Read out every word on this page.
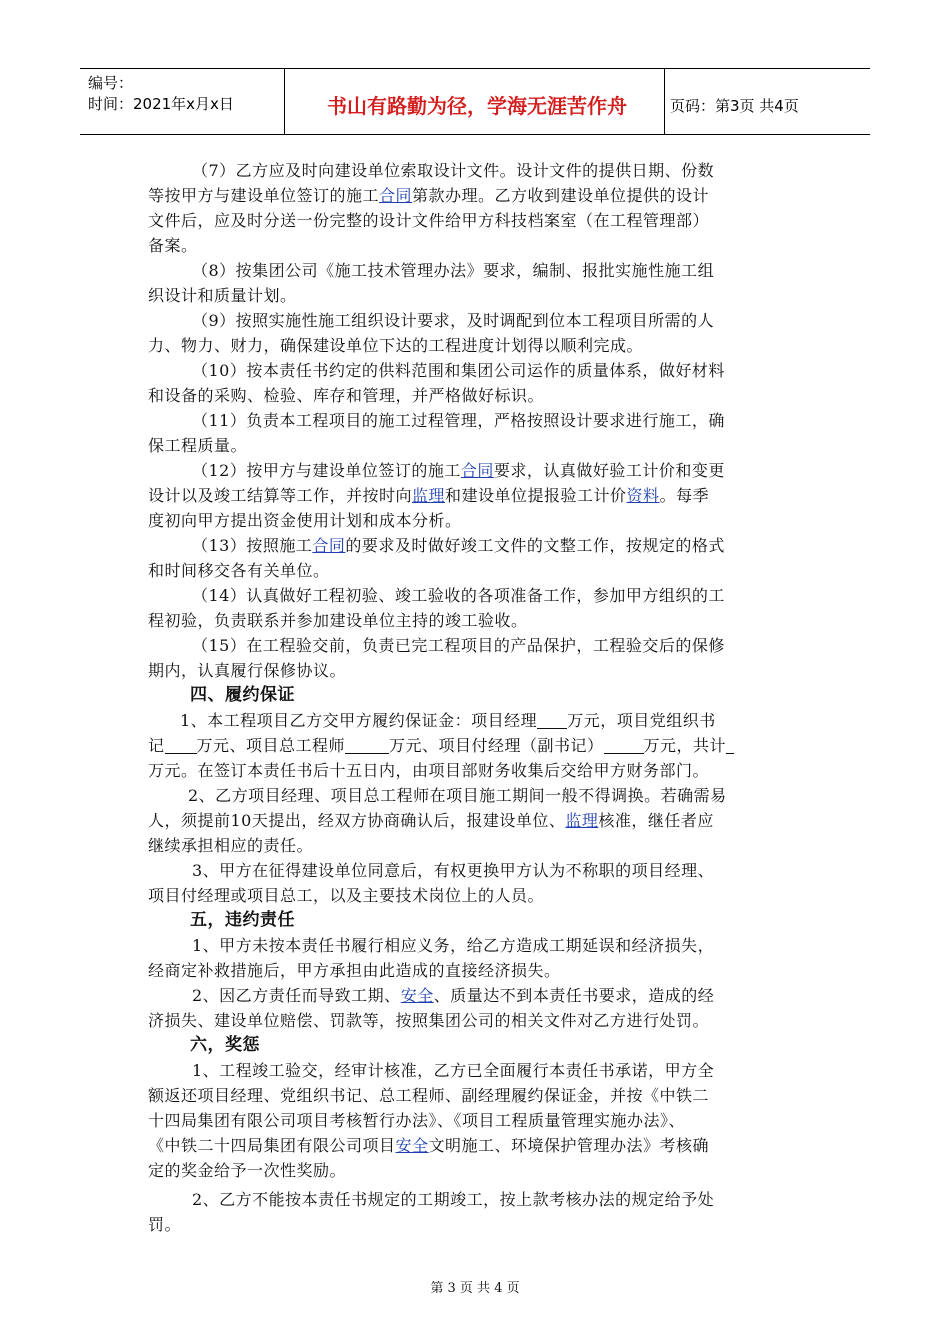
编号：
时间：2021年x月x日	书山有路勤为径，学海无涯苦作舟	页码：第3页 共4页

（7）乙方应及时向建设单位索取设计文件。设计文件的提供日期、份数
等按甲方与建设单位签订的施工合同第款办理。乙方收到建设单位提供的设计
文件后，应及时分送一份完整的设计文件给甲方科技档案室（在工程管理部）
备案。

（8）按集团公司《施工技术管理办法》要求，编制、报批实施性施工组
织设计和质量计划。

（9）按照实施性施工组织设计要求，及时调配到位本工程项目所需的人
力、物力、财力，确保建设单位下达的工程进度计划得以顺利完成。

（10）按本责任书约定的供料范围和集团公司运作的质量体系，做好材料
和设备的采购、检验、库存和管理，并严格做好标识。

（11）负责本工程项目的施工过程管理，严格按照设计要求进行施工，确
保工程质量。

（12）按甲方与建设单位签订的施工合同要求，认真做好验工计价和变更
设计以及竣工结算等工作，并按时向监理和建设单位提报验工计价资料。每季
度初向甲方提出资金使用计划和成本分析。

（13）按照施工合同的要求及时做好竣工文件的文整工作，按规定的格式
和时间移交各有关单位。

（14）认真做好工程初验、竣工验收的各项准备工作，参加甲方组织的工
程初验，负责联系并参加建设单位主持的竣工验收。

（15）在工程验交前，负责已完工程项目的产品保护，工程验交后的保修
期内，认真履行保修协议。

四、履约保证

1、本工程项目乙方交甲方履约保证金：项目经理 万元，项目党组织书
记 万元、项目总工程师	万元、项目付经理（副书记）	万元，共计
万元。在签订本责任书后十五日内，由项目部财务收集后交给甲方财务部门。

2、乙方项目经理、项目总工程师在项目施工期间一般不得调换。若确需易
人，须提前10天提出，经双方协商确认后，报建设单位、监理核准，继任者应
继续承担相应的责任。

3、甲方在征得建设单位同意后，有权更换甲方认为不称职的项目经理、
项目付经理或项目总工，以及主要技术岗位上的人员。

五，违约责任

1、甲方未按本责任书履行相应义务，给乙方造成工期延误和经济损失，
经商定补救措施后，甲方承担由此造成的直接经济损失。

2、因乙方责任而导致工期、安全、质量达不到本责任书要求，造成的经
济损失、建设单位赔偿、罚款等，按照集团公司的相关文件对乙方进行处罚。

六，奖惩

1、工程竣工验交，经审计核准，乙方已全面履行本责任书承诺，甲方全
额返还项目经理、党组织书记、总工程师、副经理履约保证金，并按《中铁二
十四局集团有限公司项目考核暂行办法》、《项目工程质量管理实施办法》、
《中铁二十四局集团有限公司项目安全文明施工、环境保护管理办法》考核确
定的奖金给予一次性奖励。

2、乙方不能按本责任书规定的工期竣工，按上款考核办法的规定给予处
罚。

第 3 页 共 4 页
